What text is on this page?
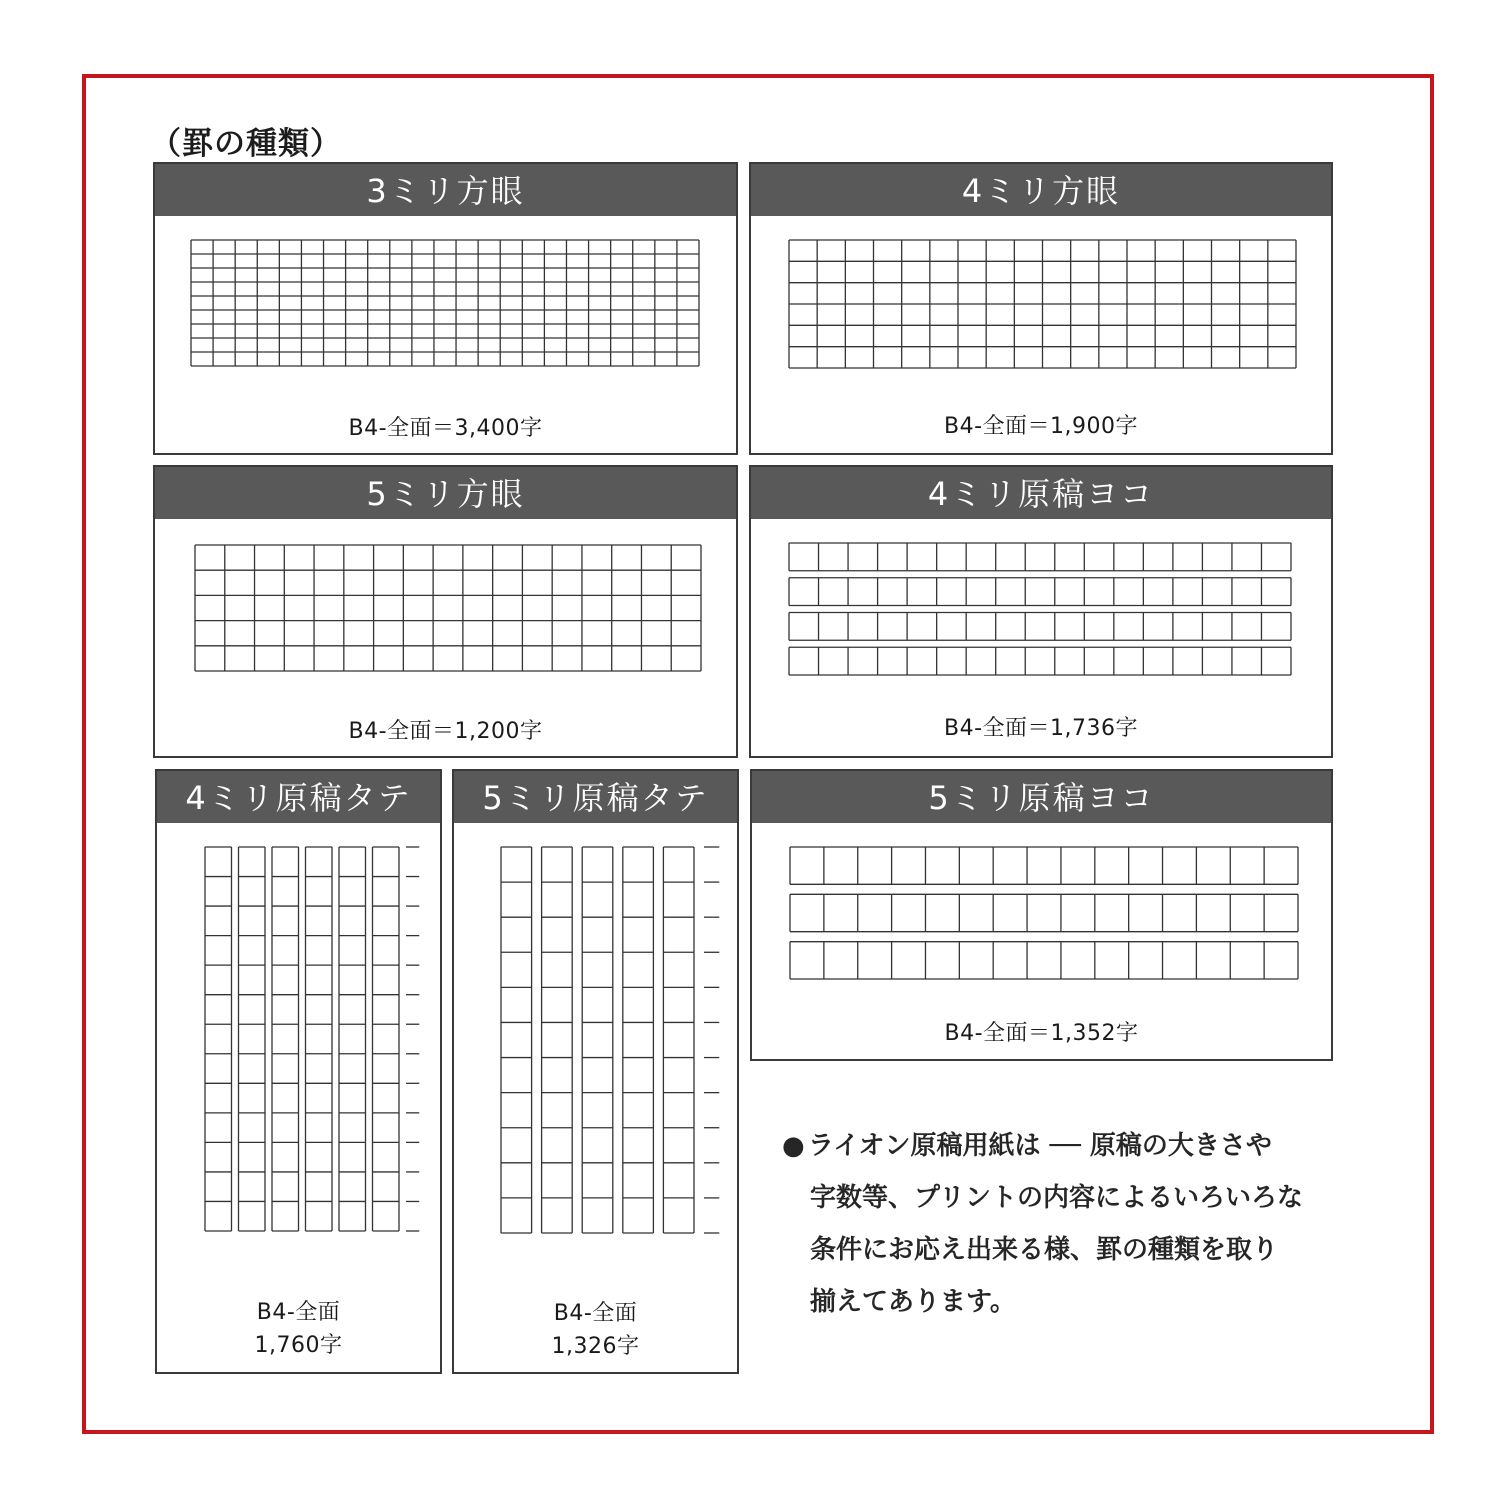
（罫の種類）
3ミリ方眼
B4-全面＝3,400字
4ミリ方眼
B4-全面＝1,900字
5ミリ方眼
B4-全面＝1,200字
4ミリ原稿ヨコ
B4-全面＝1,736字
4ミリ原稿タテ
B4-全面
1,760字
5ミリ原稿タテ
B4-全面
1,326字
5ミリ原稿ヨコ
B4-全面＝1,352字
● ライオン原稿用紙は ── 原稿の大きさや
字数等、プリントの内容によるいろいろな
条件にお応え出来る様、罫の種類を取り
揃えてあります。
